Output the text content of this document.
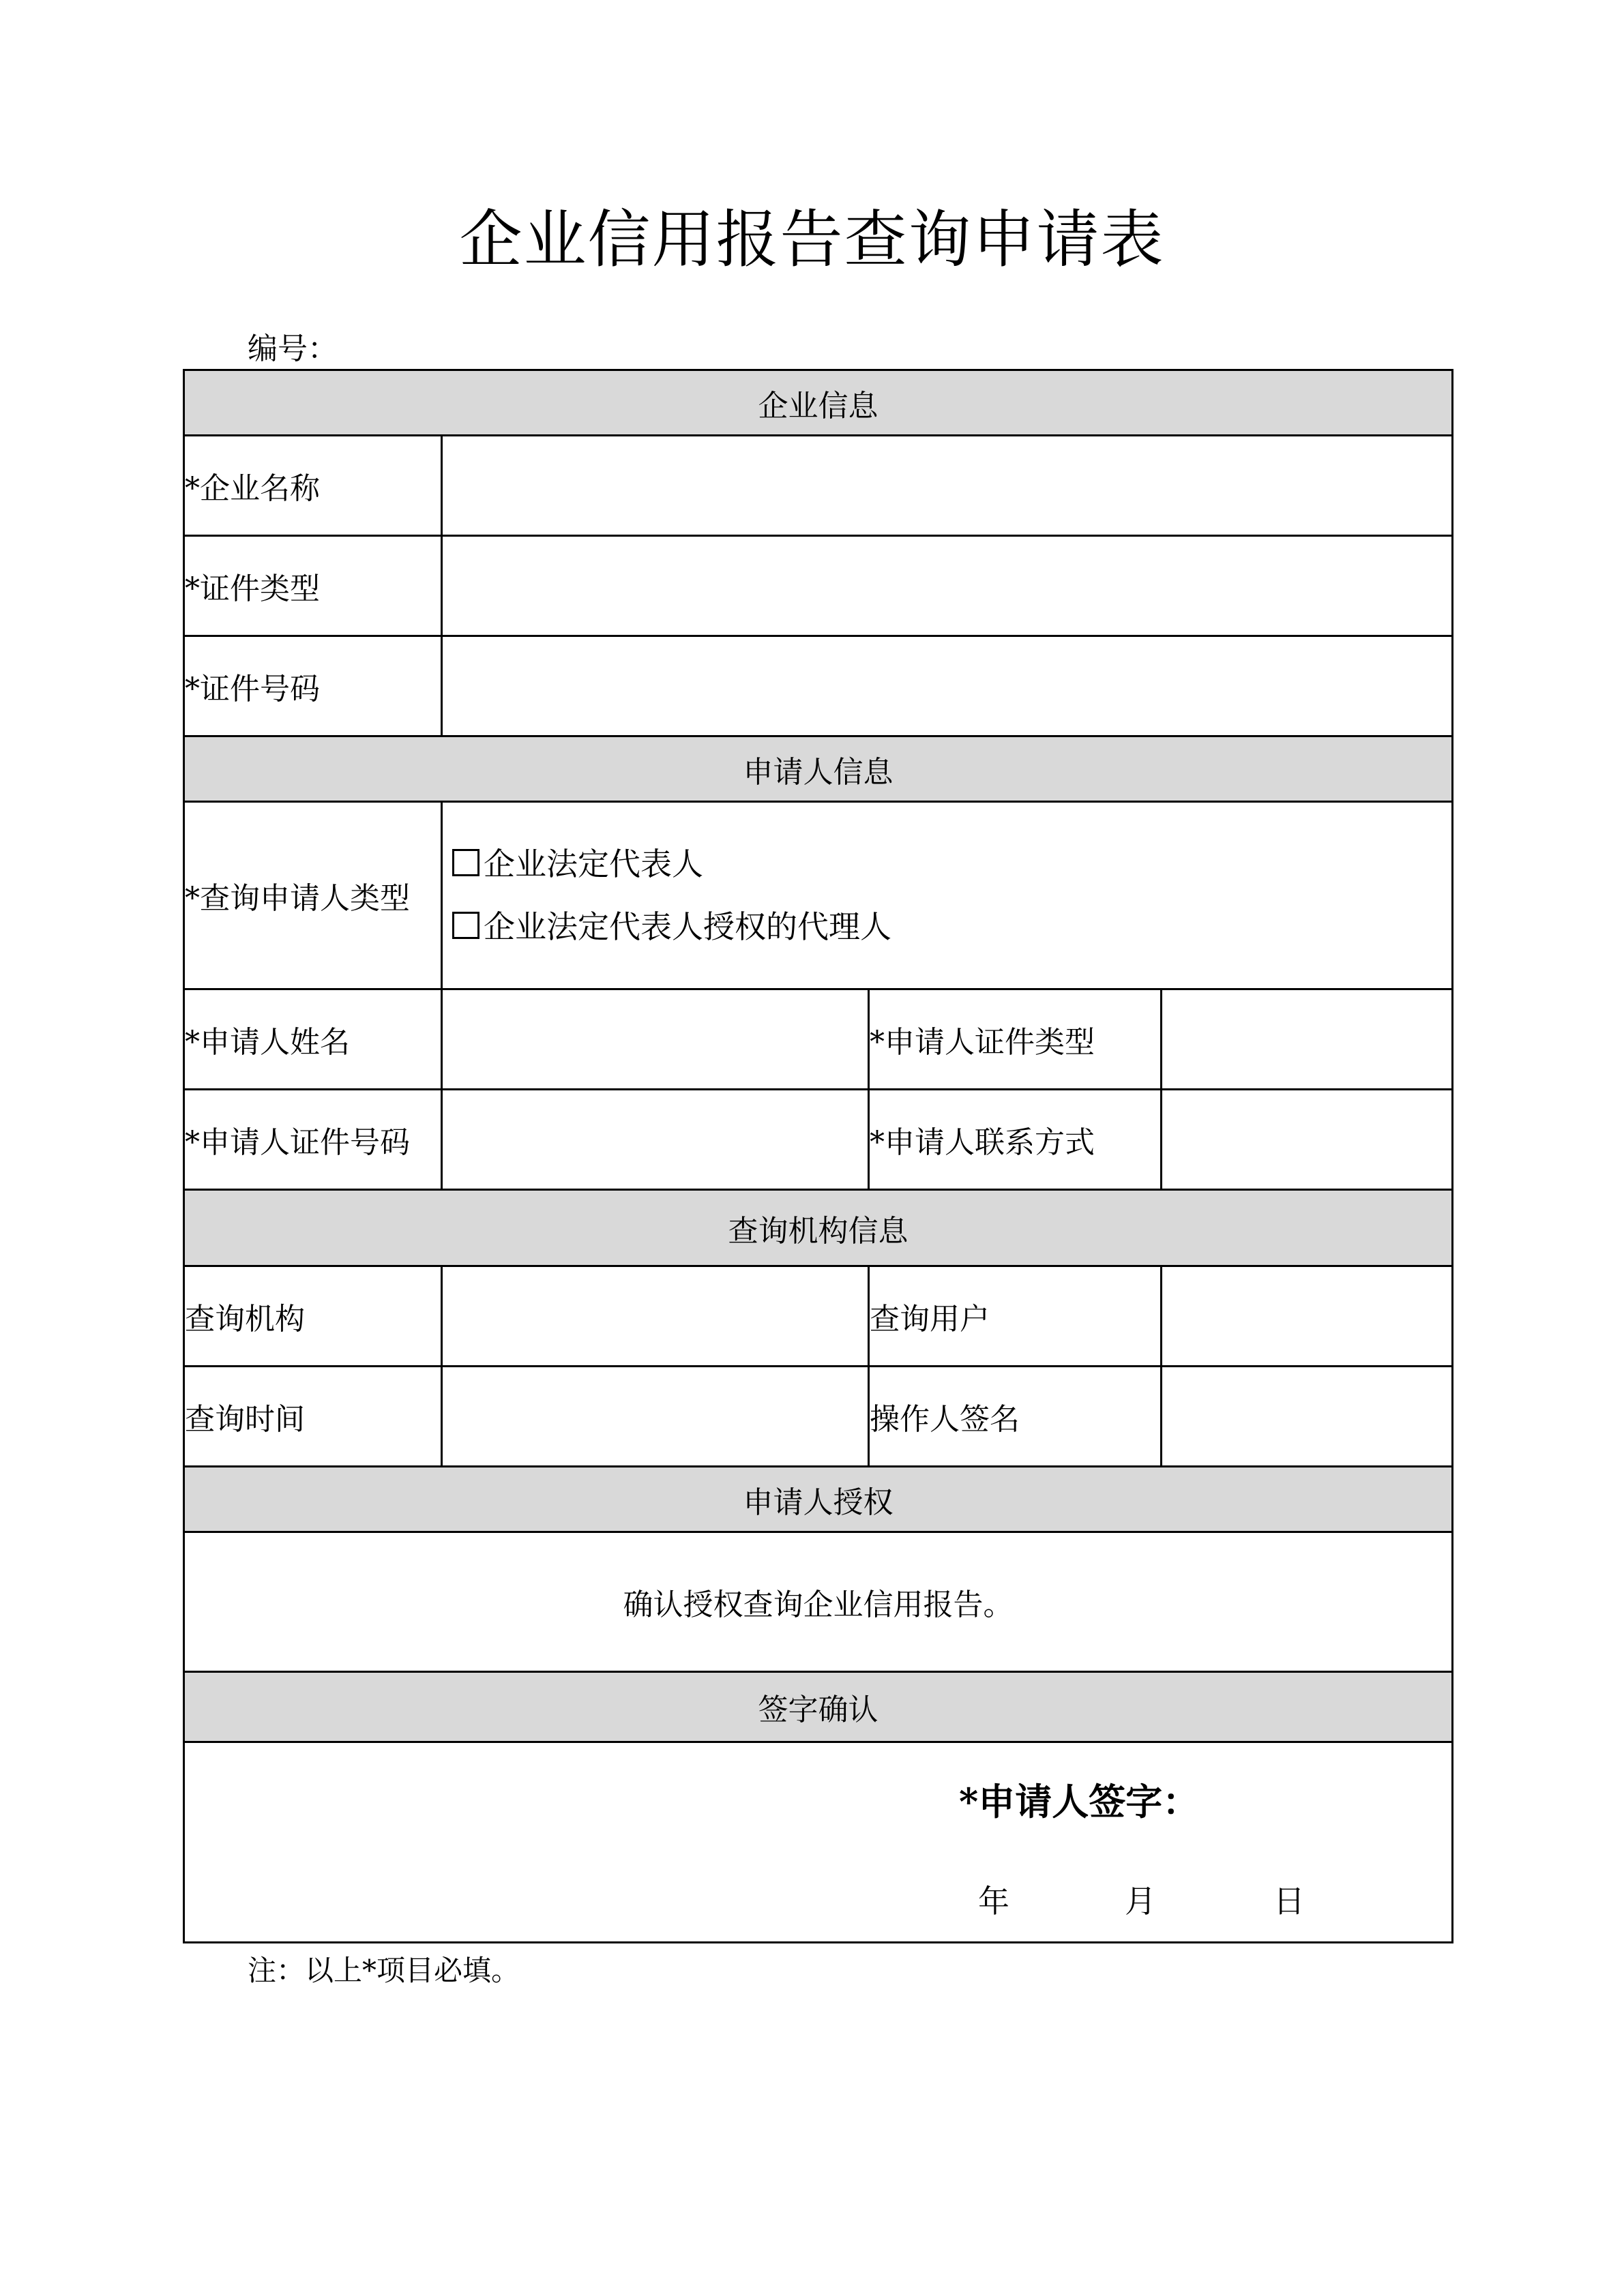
企业信用报告查询申请表
编号：
企业信息			
*企业名称			
*证件类型			
*证件号码			
申请人信息			
*查询申请人类型	企业法定代表人
企业法定代表人授权的代理人		

*申请人姓名		*申请人证件类型	
*申请人证件号码		*申请人联系方式	
查询机构信息			
查询机构		查询用户	
查询时间		操作人签名	
申请人授权			
确认授权查询企业信用报告。			
签字确认			

*申请人签字：
年 月 日			
注：以上*项目必填。
